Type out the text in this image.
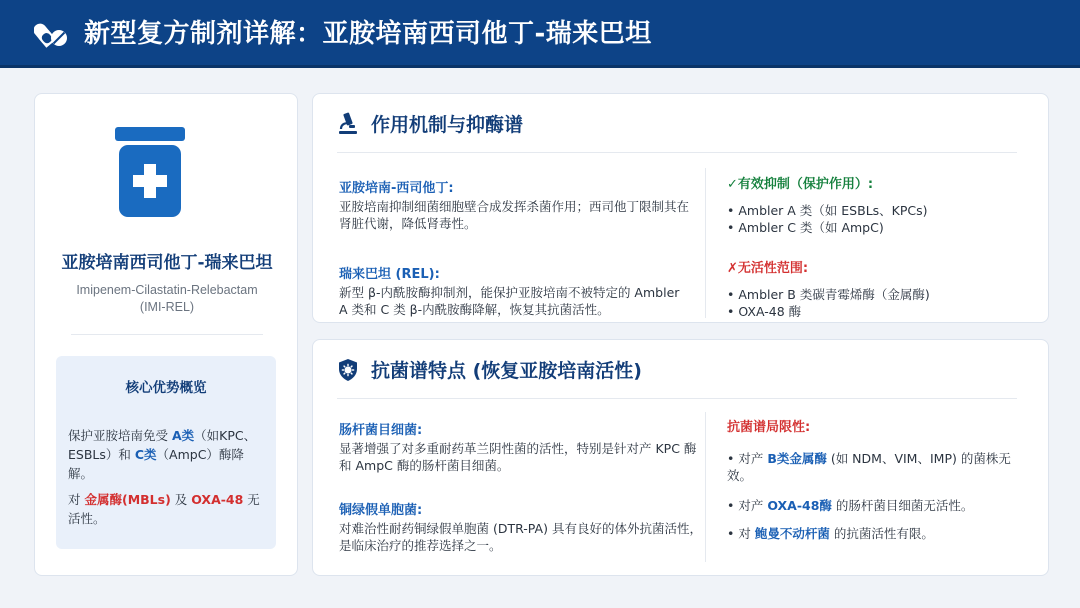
新型复方制剂详解：亚胺培南西司他丁-瑞来巴坦
亚胺培南西司他丁-瑞来巴坦
Imipenem-Cilastatin-Relebactam
(IMI-REL)
核心优势概览
保护亚胺培南免受 A类（如KPC、ESBLs）和 C类（AmpC）酶降解。
对 金属酶(MBLs) 及 OXA-48 无活性。
作用机制与抑酶谱
亚胺培南-西司他丁:
亚胺培南抑制细菌细胞壁合成发挥杀菌作用；西司他丁限制其在肾脏代谢，降低肾毒性。
瑞来巴坦 (REL):
新型 β-内酰胺酶抑制剂，能保护亚胺培南不被特定的 Ambler A 类和 C 类 β-内酰胺酶降解，恢复其抗菌活性。
✓有效抑制（保护作用）:
• Ambler A 类（如 ESBLs、KPCs)
• Ambler C 类（如 AmpC)
✗无活性范围:
• Ambler B 类碳青霉烯酶（金属酶)
• OXA-48 酶
抗菌谱特点 (恢复亚胺培南活性)
肠杆菌目细菌:
显著增强了对多重耐药革兰阴性菌的活性，特别是针对产 KPC 酶和 AmpC 酶的肠杆菌目细菌。
铜绿假单胞菌:
对难治性耐药铜绿假单胞菌 (DTR-PA) 具有良好的体外抗菌活性，是临床治疗的推荐选择之一。
抗菌谱局限性:
• 对产 B类金属酶 (如 NDM、VIM、IMP) 的菌株无效。
• 对产 OXA-48酶 的肠杆菌目细菌无活性。
• 对 鲍曼不动杆菌 的抗菌活性有限。
